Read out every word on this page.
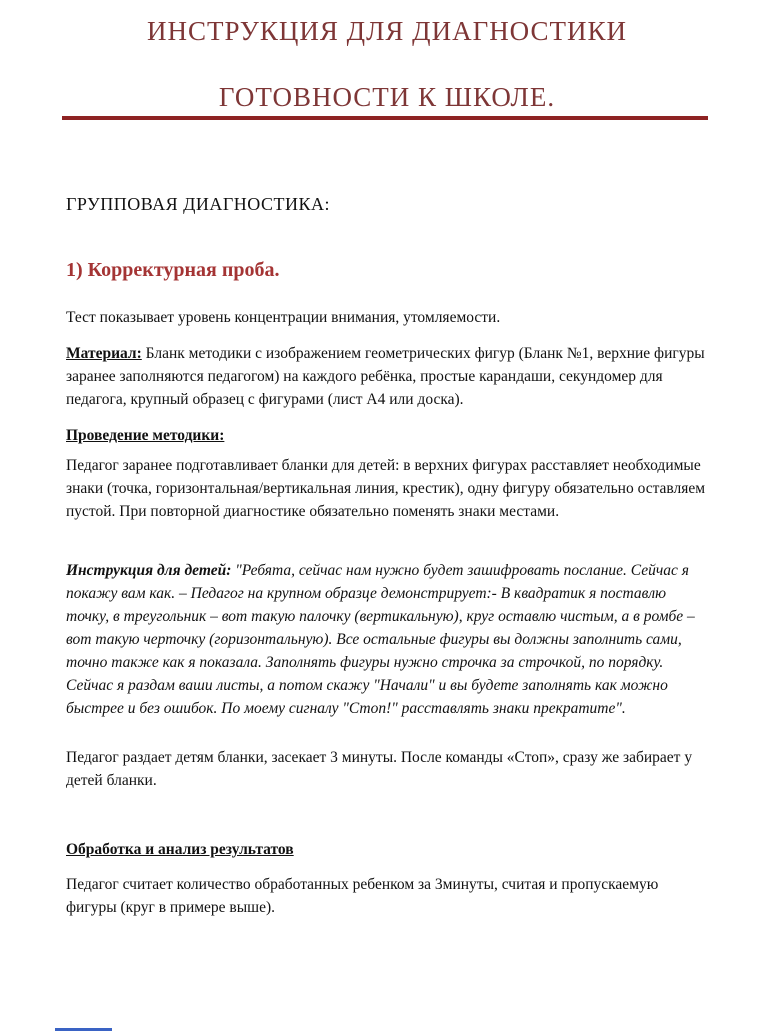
ИНСТРУКЦИЯ ДЛЯ ДИАГНОСТИКИ
ГОТОВНОСТИ К ШКОЛЕ.
ГРУППОВАЯ ДИАГНОСТИКА:
1) Корректурная проба.

Тест показывает уровень концентрации внимания, утомляемости.

Материал: Бланк методики с изображением геометрических фигур (Бланк №1, верхние фигуры заранее заполняются педагогом) на каждого ребёнка, простые карандаши, секундомер для педагога, крупный образец с фигурами (лист А4 или доска).

Проведение методики:

Педагог заранее подготавливает бланки для детей: в верхних фигурах расставляет необходимые знаки (точка, горизонтальная/вертикальная линия, крестик), одну фигуру обязательно оставляем пустой. При повторной диагностике обязательно поменять знаки местами.

Инструкция для детей: "Ребята, сейчас нам нужно будет зашифровать послание. Сейчас я покажу вам как. – Педагог на крупном образце демонстрирует:- В квадратик я поставлю точку, в треугольник – вот такую палочку (вертикальную), круг оставлю чистым, а в ромбе – вот такую черточку (горизонтальную). Все остальные фигуры вы должны заполнить сами, точно также как я показала. Заполнять фигуры нужно строчка за строчкой, по порядку. Сейчас я раздам ваши листы, а потом скажу "Начали" и вы будете заполнять как можно быстрее и без ошибок. По моему сигналу "Стоп!" расставлять знаки прекратите".

Педагог раздает детям бланки, засекает 3 минуты. После команды «Стоп», сразу же забирает у детей бланки.

Обработка и анализ результатов

Педагог считает количество обработанных ребенком за 3минуты, считая и пропускаемую фигуры (круг в примере выше).
